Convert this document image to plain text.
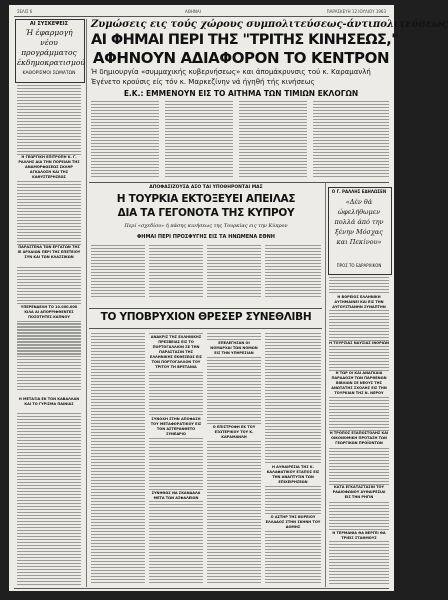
ΣΕΛΙΣ 6	ΑΘΗΝΑΙ	ΠΑΡΑΣΚΕΥΗ 12 ΙΟΥΛΙΟΥ 1963
Ζυμώσεις εις τούς χώρους συμπολιτεύσεως-άντιπολιτεύσεως
ΑΙ ΦΗΜΑΙ ΠΕΡΙ ΤΗΣ "ΤΡΙΤΗΣ ΚΙΝΗΣΕΩΣ,"
ΑΦΗΝΟΥΝ ΑΔΙΑΦΟΡΟΝ ΤΟ ΚΕΝΤΡΟΝ
Ή δημιουργία «συμμαχικής κυβερνήσεως» και άπομάκρυνσις τού κ. Καραμανλή
Έγένετο κρούσις είς τόν κ. Μαρκεζίνην νά ήγηθή τής κινήσεως
Ε.Κ.: ΕΜΜΕΝΟΥΝ ΕΙΣ ΤΟ ΑΙΤΗΜΑ ΤΩΝ ΤΙΜΙΩΝ ΕΚΛΟΓΩΝ
ΑΙ ΣΥΣΚΕΨΕΙΣ
Ή έφαρμογή νέου προγράμματος έκδημοκρατισμού
ΚΑΘΟΡΙΣΜΟΙ ΣΩΜΑΤΩΝ
Η ΓΕΩΡΓΙΚΗ ΕΠΙΤΡΟΠΗ Κ. Γ. ΡΑΛΛΗΣ ΔΙΑ ΤΗΝ ΠΟΡΕΙΑΝ ΤΗΣ ΑΝΑΜΟΡΦΩΣΕΩΣ ΣΚΛΗΡ ΑΓΚΑΛΟΣΗ ΚΑΙ ΤΗΣ ΚΑΘΥΣΤΕΡΗΣΕΩΣ
ΠΑΡΑΣΤΕΝΑ ΤΩΝ ΕΡΓΑΤΩΝ ΤΗΣ ΙΕ ΑΡΧΑΙΩΝ ΠΕΡΙ ΤΗΣ ΕΠΕΤΕΙΟΥ ΣΥΝ ΚΑΙ ΤΩΝ ΚΛΑΣΣΙΚΩΝ
ΥΠΕΡΕΝΔΕΛΗ ΤΟ 10.000.000 ΚΙΛΑ ΑΙ ΑΠΟΡΡΙΦΘΕΝΤΕΣ ΠΟΣΟΤΗΤΕΣ ΚΑΠΝΟΥ
Η ΜΕΤΑΞΙΑ ΕΚ ΤΟΝ ΚΑΒΑΛΛΑΝ ΚΑΙ ΤΟ ΓΥΡΙΣΜΑ ΠΑΙΝΙΑΣ
Ο Γ. ΡΑΛΛΗΣ ΕΔΗΛΩΣΕΝ
«Δέν θά ώφελήθωμεν πολλά άπό την ξένην Μόσχας και Πεκίνου»
ΠΡΟΣ ΤΟ ΕΔΡΑΡΧΙΚΟΝ
Η ΒΟΡΕΙΟΣ ΕΛΛΗΝΙΚΗ ΑΥΞΗΜΑΙΝΕΙ ΚΑΙ ΕΙΣ ΤΗΝ ΑΥΓΟΥΣΤΙΑΝΗΝ ΣΥΝΑΠΤΗΝ
Η ΤΟΥΡΣΙΑΣ ΝΑΥΣΙΑΣ ΙΝΟΡΙΩΝ
Η ΤΩΡ ΟΙ ΚΑΙ ΑΝΑΓΚΑΙΑ ΠΑΡΑΔΟΣΗ ΤΩΝ ΠΑΡΘΕΝΩΝ ΒΙΒΛΙΩΝ ΣΕ ΝΕΟΥΣ ΤΗΣ ΑΝΩΤΑΤΗΣ ΣΧΟΛΗΣ ΕΙΣ ΤΗΝ ΤΟΥΡΚΙΑΝ ΤΗΣ Ν. ΝΕΡΟΥ
Η ΤΡΟΠΟΣ ΕΞΑΠΟΣΤΟΛΗΣ ΚΑΙ ΟΙΚΟΝΟΜΙΚΗ ΠΡΟΤΑΣΗ ΤΩΝ ΓΕΩΡΓΙΚΩΝ ΠΡΟΪΟΝΤΩΝ
ΚΑΤΑ ΕΓΚΑΤΑΣΤΑΣΙΝ ΤΟΥ ΡΑΔΙΟΦΩΝΟΥ ΑΥΘΑΙΡΕΣΙΑΙ ΕΙΣ ΤΗΝ ΡΗΓΙΝ
Η ΤΕΡΜΑΝΙΑ ΘΑ ΒΕΡΓΕΙ ΘΑ ΤΡΙΕΙΣ ΣΤΑΘΜΟΥΣ
ΑΠΟΦΑΣΙΖΟΥΣΑ ΑΣΟ ΤΑΙ ΥΠΟΘΗΡΟΝΤΑΙ ΜΑΣ
Η ΤΟΥΡΚΙΑ ΕΚΤΟΞΕΥΕΙ ΑΠΕΙΛΑΣ
ΔΙΑ ΤΑ ΓΕΓΟΝΟΤΑ ΤΗΣ ΚΥΠΡΟΥ
Περί «σχεδίου» ή πάσης κινήσεως της Τουρκίας εις την Κύπρον
ΦΗΜΑΙ ΠΕΡΙ ΠΡΟΣΦΥΓΗΣ ΕΙΣ ΤΑ ΗΝΩΜΕΝΑ ΕΘΝΗ
ΤΟ ΥΠΟΒΡΥΧΙΟΝ ΘΡΕΣΕΡ ΣΥΝΕΘΛΙΒΗ
ΑΝΑΚΡΙΣ ΤΗΣ ΕΛΛΗΝΙΚΗΣ ΠΡΕΣΒΕΙΑΣ ΕΙΣ ΤΟ ΠΟΡΤΟΓΑΛΛΙΟΝ ΣΕ ΤΗΝ ΠΑΡΑΣΤΑΣΙΝ ΤΗΣ ΕΛΛΗΝΙΚΗΣ ΕΚΘΕΣΕΩΣ ΕΙΣ ΤΟΝ ΠΟΡΤΟΓΑΛΛΟΝ ΤΟΥ ΤΡΙΤΟΥ ΤΗ ΒΡΕΤΑΝΙΑ
ΣΥΝΟΧΗ ΣΤΗΝ ΑΠΟΦΑΣΗ ΤΟΥ ΜΕΤΑΦΟΡΑΤΙΚΟΥ ΕΙΣ ΤΟΝ ΑΣΤΕΡΑΝΘΕΤΟ ΣΥΝΕΔΡΙΟ
ΣΥΝΗΘΩΣ ΝΑ ΣΚΑΝΔΑΛΑ ΜΕΤΑ ΤΩΝ ΑΣΦΑΛΕΙΩΝ
ΕΠΕΛΕΓΗΣΑΝ ΟΙ ΝΟΜΑΡΧΑΙ ΤΩΝ ΝΟΜΩΝ ΕΙΣ ΤΗΝ ΥΠΗΡΕΣΙΑΝ
Ο ΕΠΙΣΤΡΟΦΗ ΕΚ ΤΟΥ ΕΞΩΤΕΡΙΚΟΥ ΤΟΥ Κ. ΚΑΡΑΜΑΝΛΗ
Η ΑΥΘΑΙΡΕΣΙΑ ΤΗΣ Κ. ΚΑΛΑΦΑΤΙΚΟΥ ΕΞΑΠΟΣ ΕΙΣ ΤΗΝ ΑΝΑΠΤΥΞΙΝ ΤΩΝ ΕΠΙΧΕΙΡΗΣΕΩΝ
Ο ΑΣΤΗΡ ΤΗΣ ΒΟΡΕΙΟΥ ΕΛΛΑΔΟΣ ΣΤΗΝ ΣΚΗΝΗ ΤΟΥ ΔΟΜΗΣ
